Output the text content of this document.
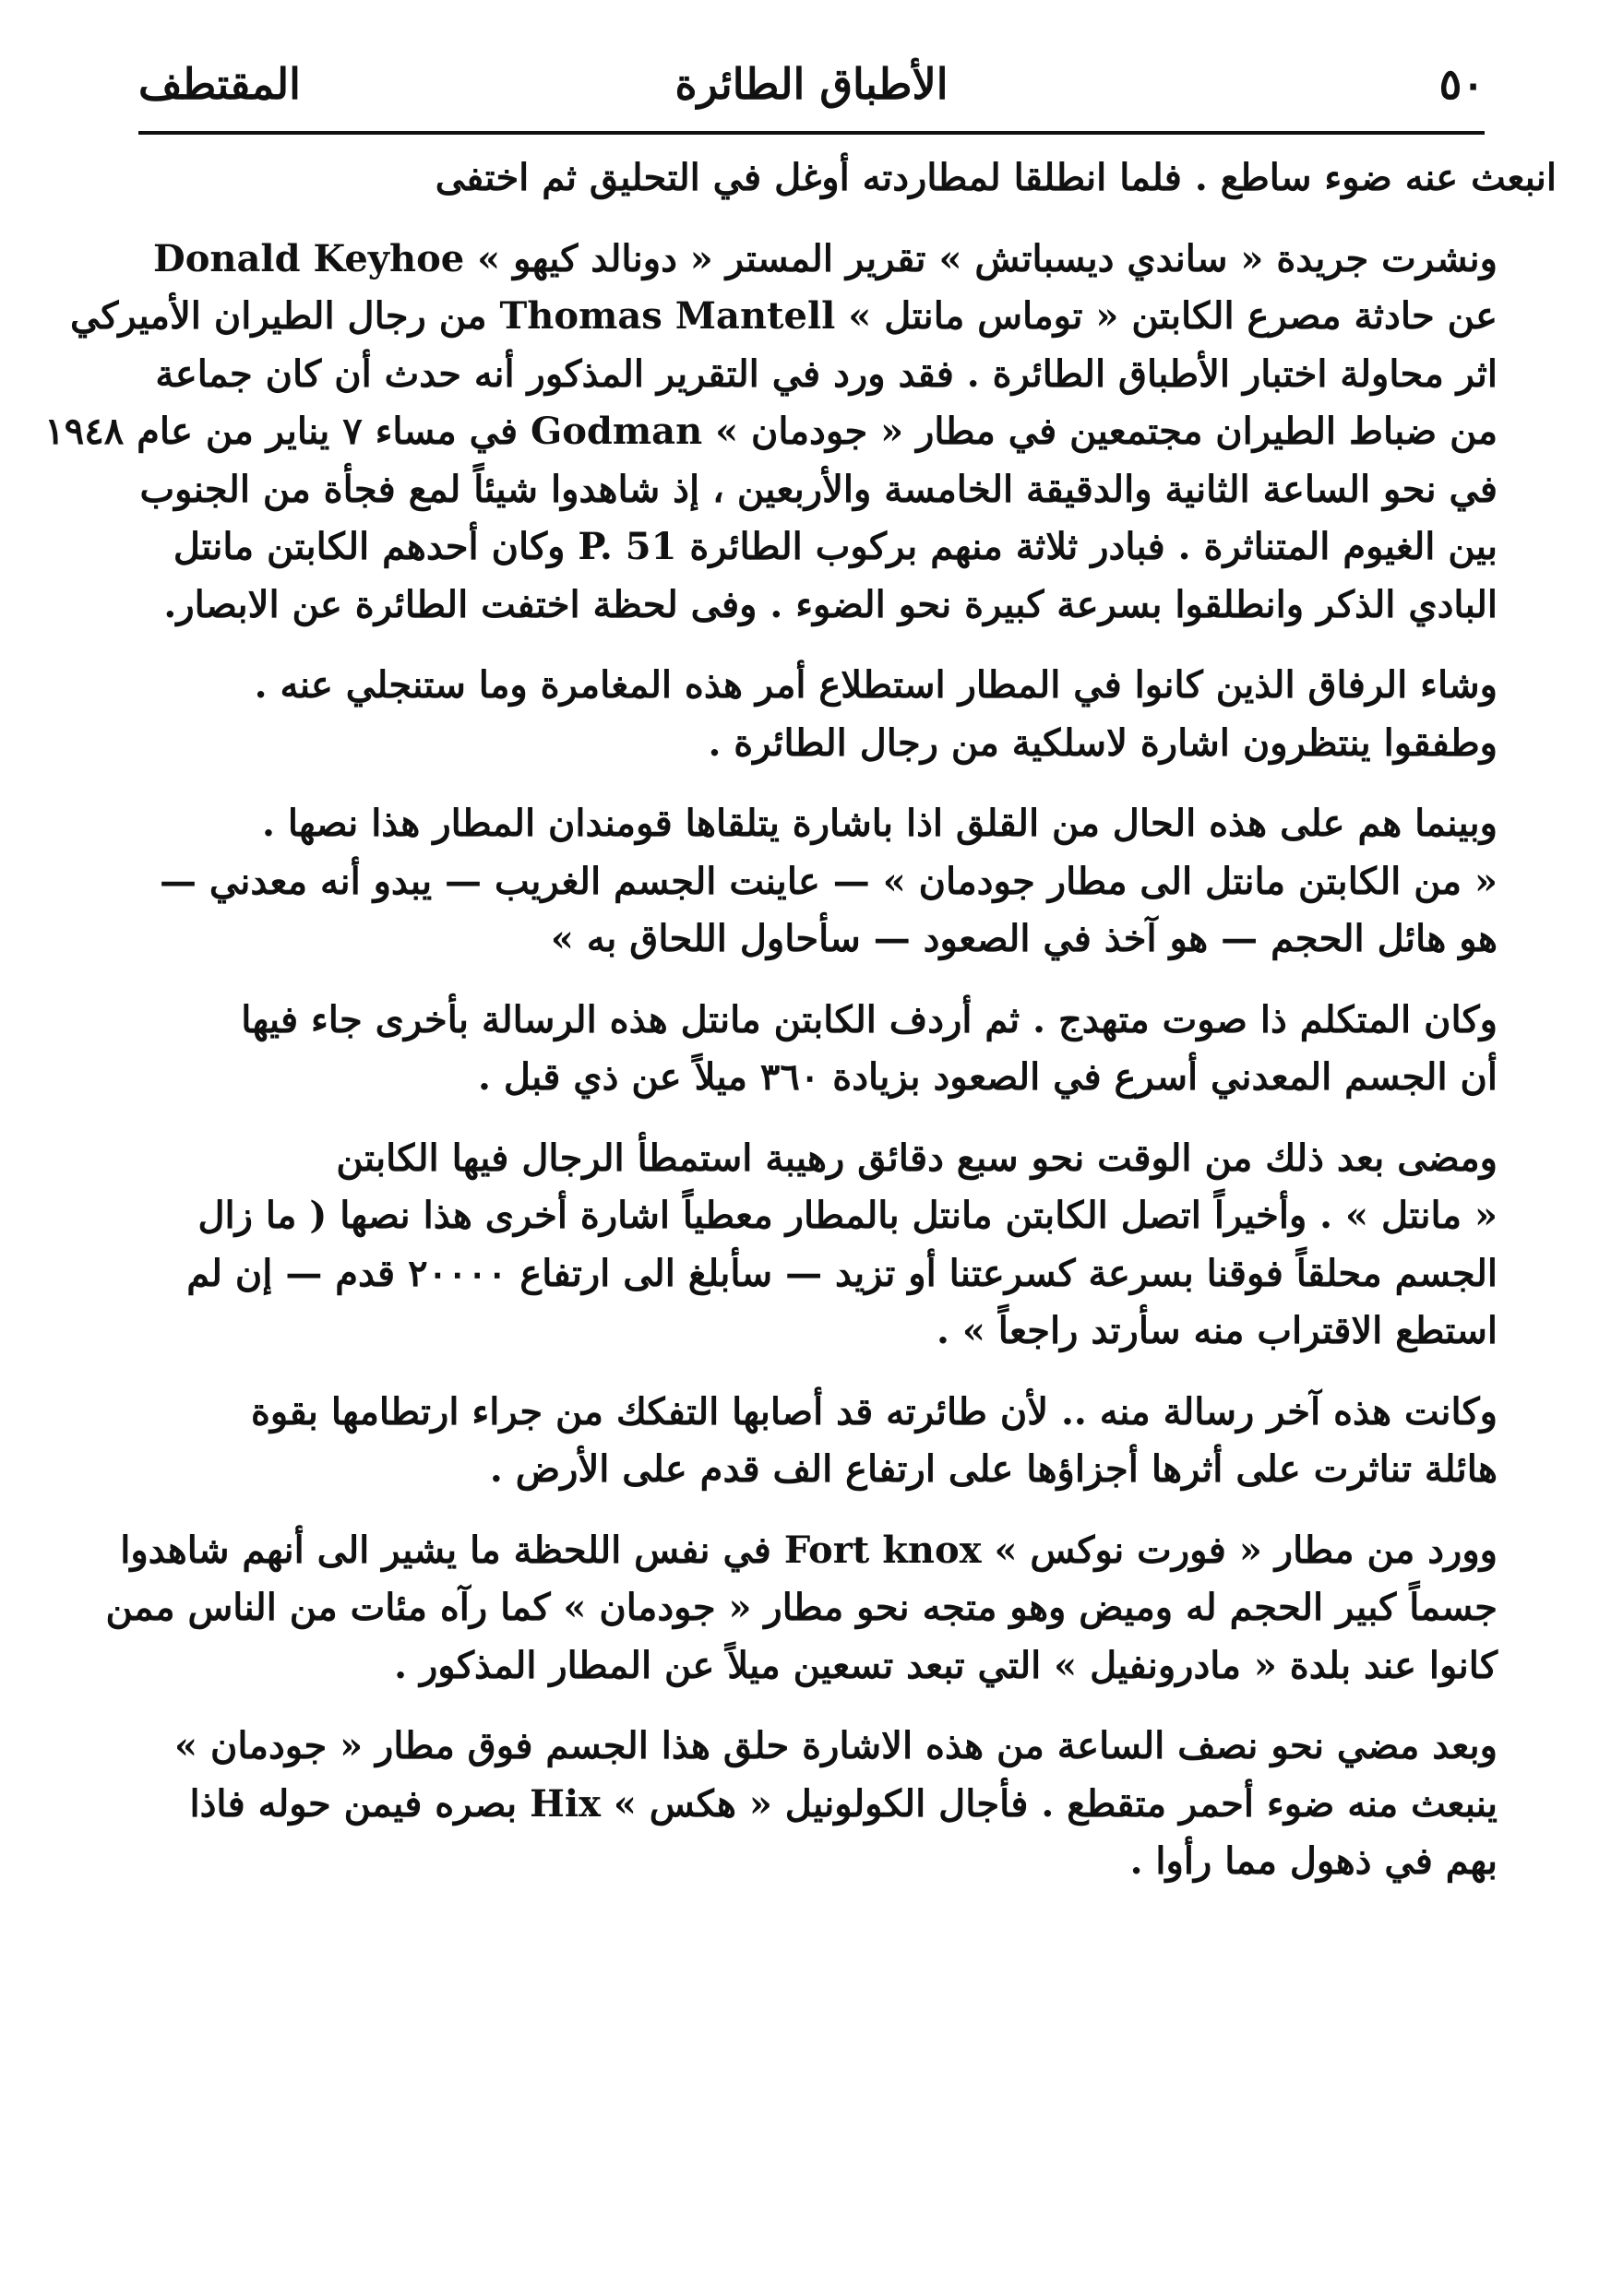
٥٠
الأطباق الطائرة
المقتطف

انبعث عنه ضوء ساطع . فلما انطلقا لمطاردته أوغل في التحليق ثم اختفى

ونشرت جريدة « ساندي ديسباتش » تقرير المستر « دونالد كيهو » Donald Keyhoe
عن حادثة مصرع الكابتن « توماس مانتل » Thomas Mantell من رجال الطيران الأميركي
اثر محاولة اختبار الأطباق الطائرة . فقد ورد في التقرير المذكور أنه حدث أن كان جماعة
من ضباط الطيران مجتمعين في مطار « جودمان » Godman في مساء ٧ يناير من عام ١٩٤٨
في نحو الساعة الثانية والدقيقة الخامسة والأربعين ، إذ شاهدوا شيئاً لمع فجأة من الجنوب
بين الغيوم المتناثرة . فبادر ثلاثة منهم بركوب الطائرة P. 51 وكان أحدهم الكابتن مانتل
البادي الذكر وانطلقوا بسرعة كبيرة نحو الضوء . وفى لحظة اختفت الطائرة عن الابصار.

وشاء الرفاق الذين كانوا في المطار استطلاع أمر هذه المغامرة وما ستنجلي عنه .
وطفقوا ينتظرون اشارة لاسلكية من رجال الطائرة .

وبينما هم على هذه الحال من القلق اذا باشارة يتلقاها قومندان المطار هذا نصها .
« من الكابتن مانتل الى مطار جودمان » — عاينت الجسم الغريب — يبدو أنه معدني —
هو هائل الحجم — هو آخذ في الصعود — سأحاول اللحاق به »

وكان المتكلم ذا صوت متهدج . ثم أردف الكابتن مانتل هذه الرسالة بأخرى جاء فيها
أن الجسم المعدني أسرع في الصعود بزيادة ٣٦٠ ميلاً عن ذي قبل .

ومضى بعد ذلك من الوقت نحو سبع دقائق رهيبة استمطأ الرجال فيها الكابتن
« مانتل » . وأخيراً اتصل الكابتن مانتل بالمطار معطياً اشارة أخرى هذا نصها ( ما زال
الجسم محلقاً فوقنا بسرعة كسرعتنا أو تزيد — سأبلغ الى ارتفاع ٢٠٠٠٠ قدم — إن لم
استطع الاقتراب منه سأرتد راجعاً » .

وكانت هذه آخر رسالة منه .. لأن طائرته قد أصابها التفكك من جراء ارتطامها بقوة
هائلة تناثرت على أثرها أجزاؤها على ارتفاع الف قدم على الأرض .

وورد من مطار « فورت نوكس » Fort knox في نفس اللحظة ما يشير الى أنهم شاهدوا
جسماً كبير الحجم له وميض وهو متجه نحو مطار « جودمان » كما رآه مئات من الناس ممن
كانوا عند بلدة « مادرونفيل » التي تبعد تسعين ميلاً عن المطار المذكور .

وبعد مضي نحو نصف الساعة من هذه الاشارة حلق هذا الجسم فوق مطار « جودمان »
ينبعث منه ضوء أحمر متقطع . فأجال الكولونيل « هكس » Hix بصره فيمن حوله فاذا
بهم في ذهول مما رأوا .
